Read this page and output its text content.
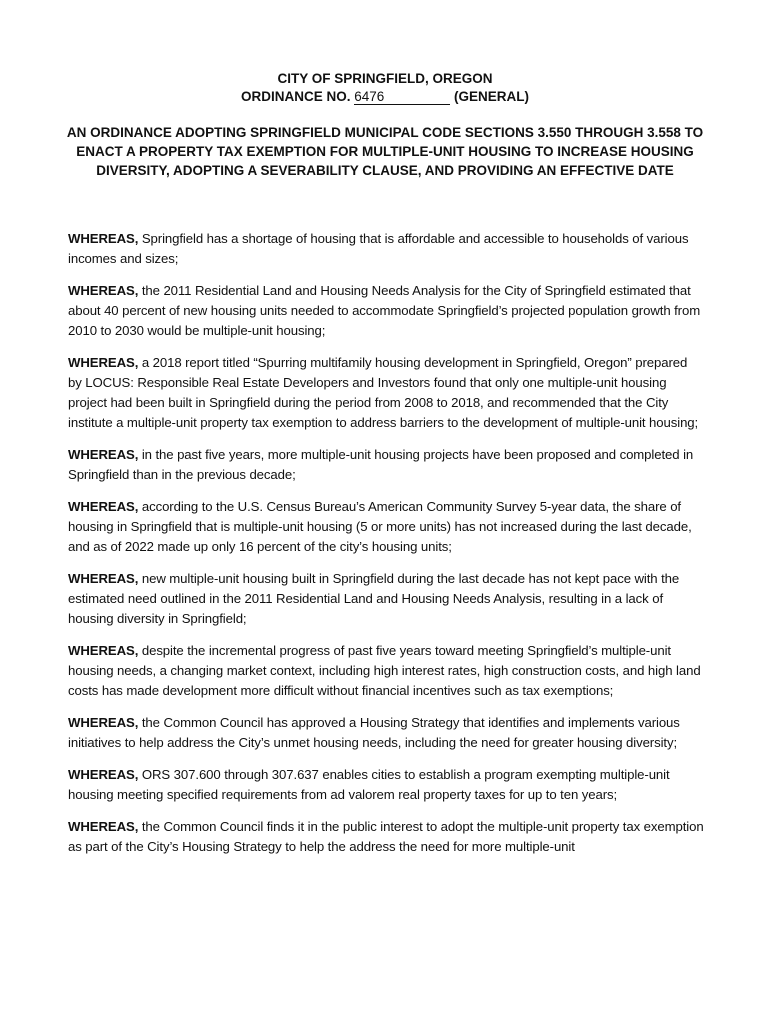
CITY OF SPRINGFIELD, OREGON
ORDINANCE NO. 6476	(GENERAL)

AN ORDINANCE ADOPTING SPRINGFIELD MUNICIPAL CODE SECTIONS 3.550 THROUGH 3.558 TO ENACT A PROPERTY TAX EXEMPTION FOR MULTIPLE-UNIT HOUSING TO INCREASE HOUSING DIVERSITY, ADOPTING A SEVERABILITY CLAUSE, AND PROVIDING AN EFFECTIVE DATE

WHEREAS, Springfield has a shortage of housing that is affordable and accessible to households of various incomes and sizes;

WHEREAS, the 2011 Residential Land and Housing Needs Analysis for the City of Springfield estimated that about 40 percent of new housing units needed to accommodate Springfield’s projected population growth from 2010 to 2030 would be multiple-unit housing;

WHEREAS, a 2018 report titled “Spurring multifamily housing development in Springfield, Oregon” prepared by LOCUS: Responsible Real Estate Developers and Investors found that only one multiple-unit housing project had been built in Springfield during the period from 2008 to 2018, and recommended that the City institute a multiple-unit property tax exemption to address barriers to the development of multiple-unit housing;

WHEREAS, in the past five years, more multiple-unit housing projects have been proposed and completed in Springfield than in the previous decade;

WHEREAS, according to the U.S. Census Bureau’s American Community Survey 5-year data, the share of housing in Springfield that is multiple-unit housing (5 or more units) has not increased during the last decade, and as of 2022 made up only 16 percent of the city’s housing units;

WHEREAS, new multiple-unit housing built in Springfield during the last decade has not kept pace with the estimated need outlined in the 2011 Residential Land and Housing Needs Analysis, resulting in a lack of housing diversity in Springfield;

WHEREAS, despite the incremental progress of past five years toward meeting Springfield’s multiple-unit housing needs, a changing market context, including high interest rates, high construction costs, and high land costs has made development more difficult without financial incentives such as tax exemptions;

WHEREAS, the Common Council has approved a Housing Strategy that identifies and implements various initiatives to help address the City’s unmet housing needs, including the need for greater housing diversity;

WHEREAS, ORS 307.600 through 307.637 enables cities to establish a program exempting multiple-unit housing meeting specified requirements from ad valorem real property taxes for up to ten years;

WHEREAS, the Common Council finds it in the public interest to adopt the multiple-unit property tax exemption as part of the City’s Housing Strategy to help the address the need for more multiple-unit
